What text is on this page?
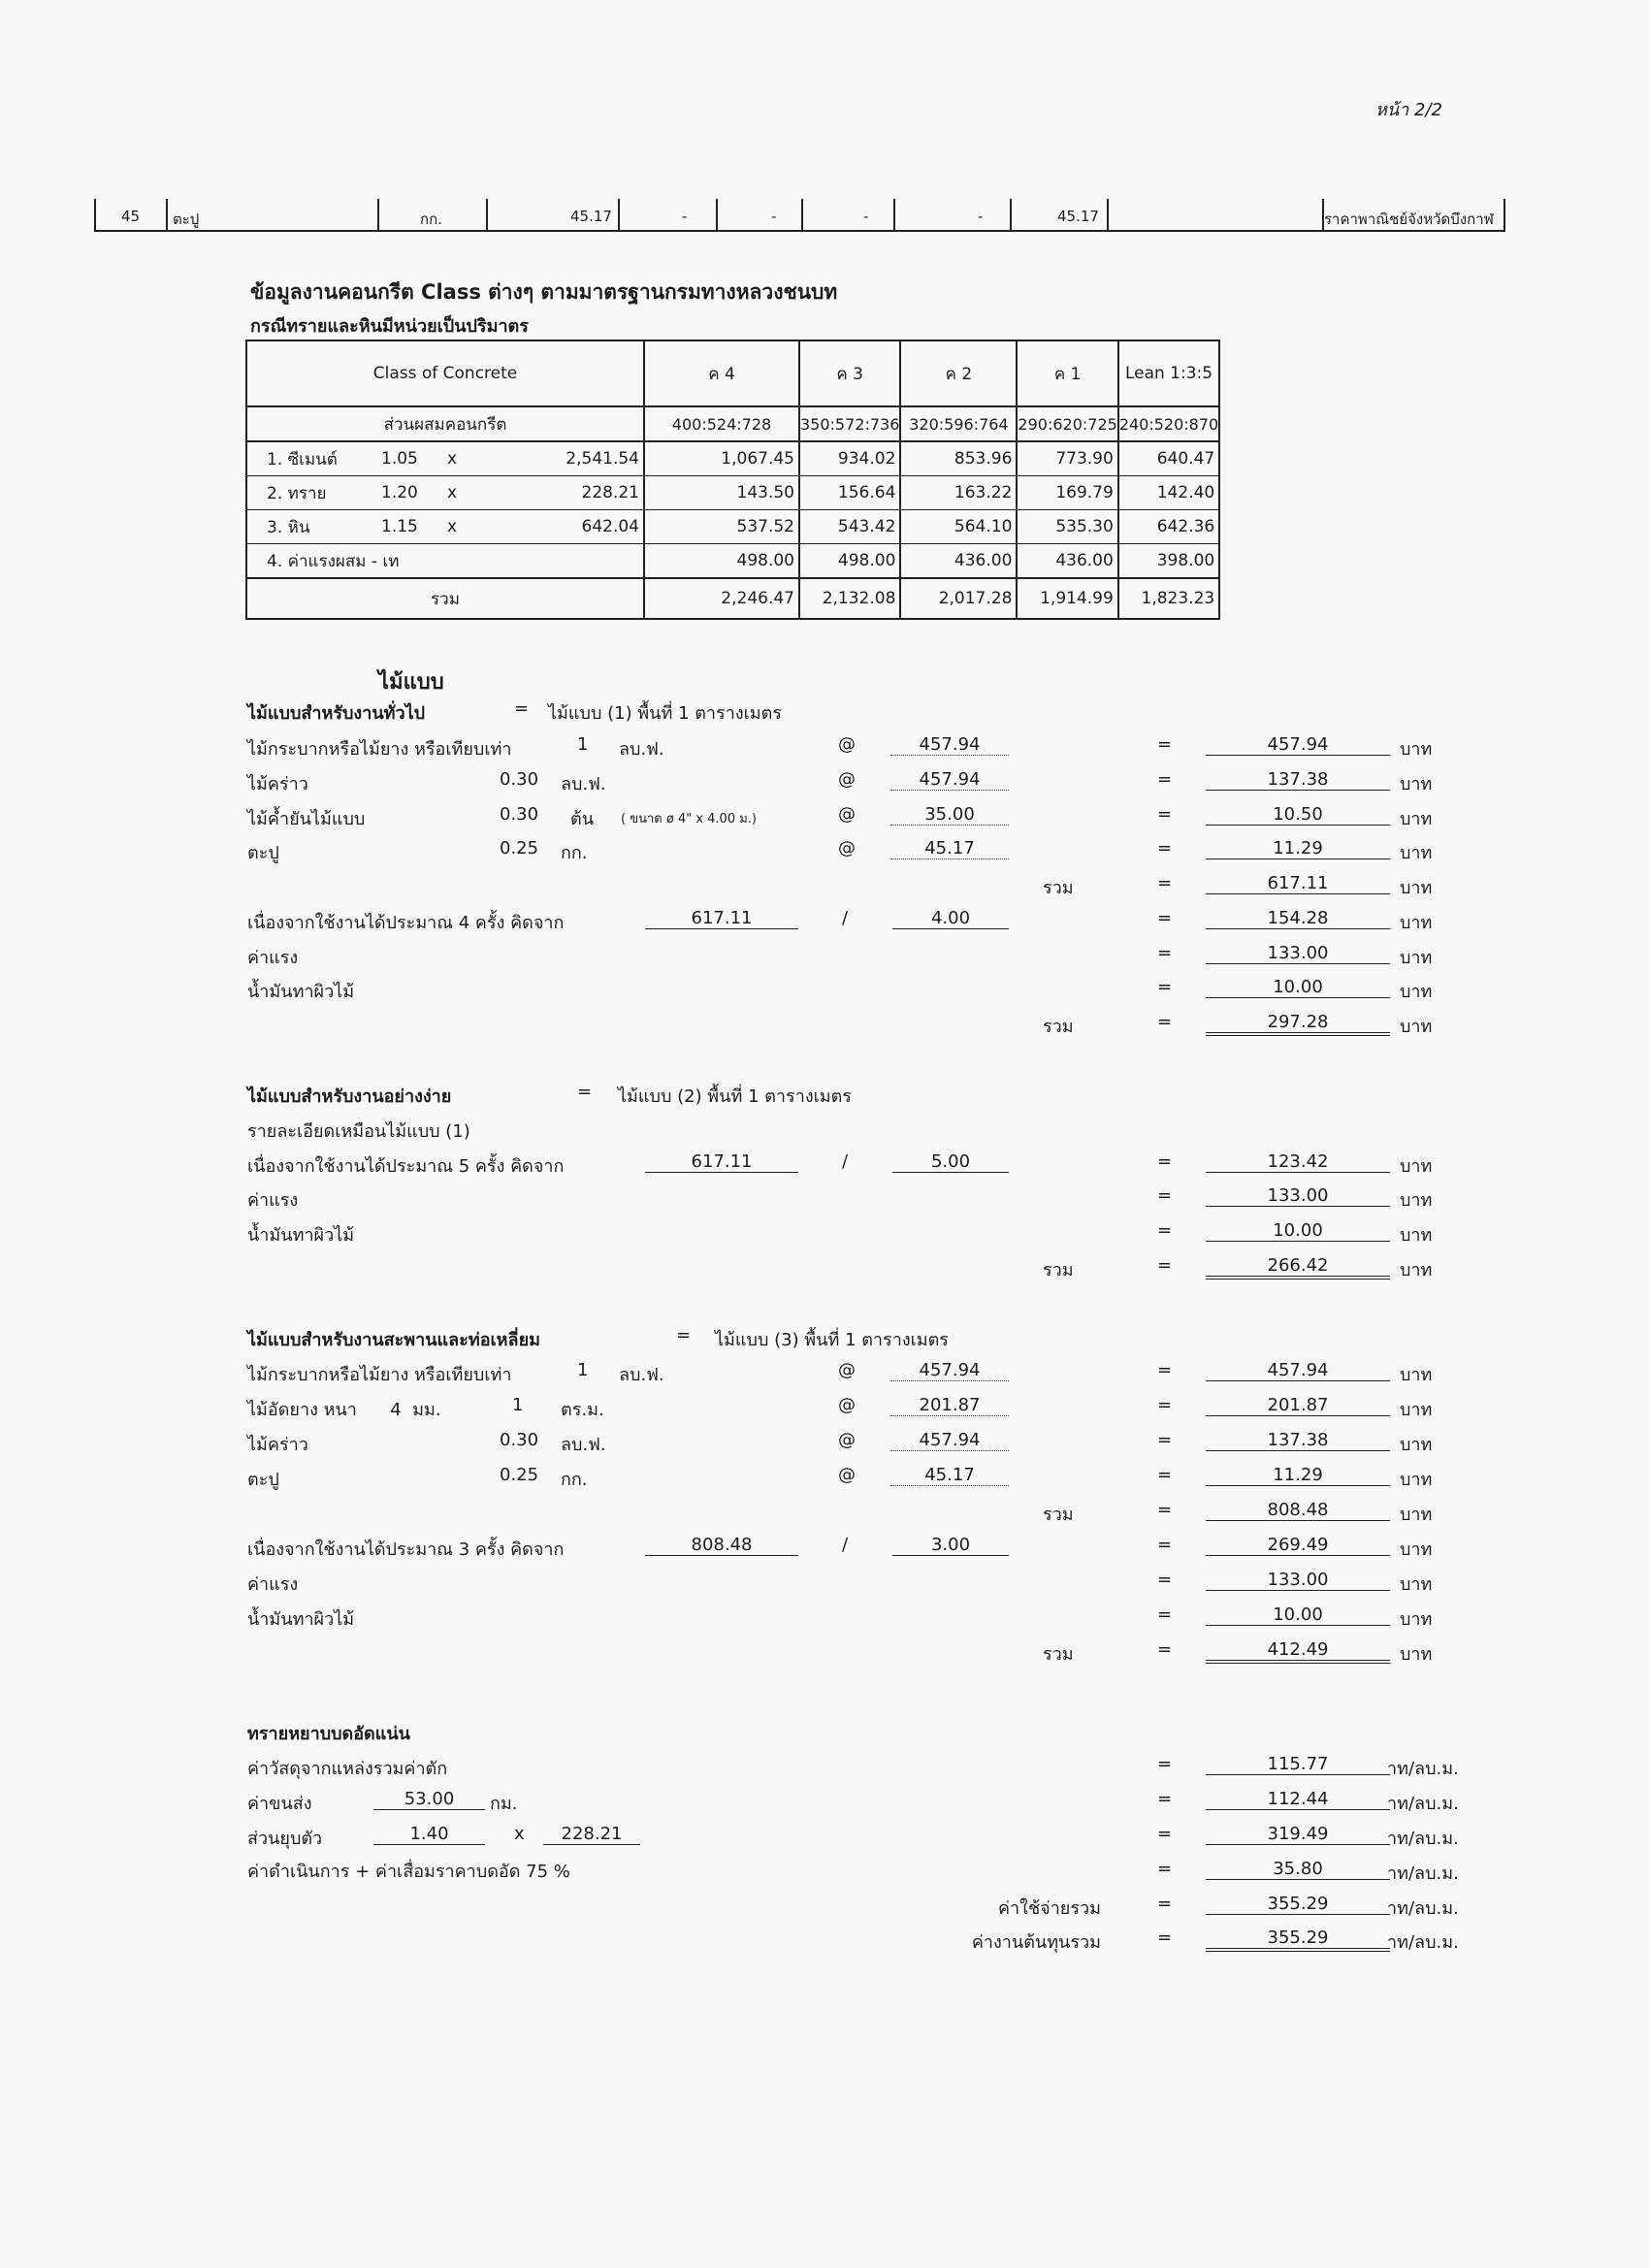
หน้า 2/2
45 ตะปู	กก.	45.17	-	-	-	-	45.17	ราคาพาณิชย์จังหวัดบึงกาฬ
ข้อมูลงานคอนกรีต Class ต่างๆ ตามมาตรฐานกรมทางหลวงชนบท
กรณีทรายและหินมีหน่วยเป็นปริมาตร
Class of Concrete				ค 4	ค 3	ค 2	ค 1	Lean 1:3:5
ส่วนผสมคอนกรีต				400:524:728	350:572:736	320:596:764	290:620:725	240:520:870
1. ซีเมนต์	1.05	x	2,541.54	1,067.45	934.02	853.96	773.90	640.47
2. ทราย	1.20	x	228.21	143.50	156.64	163.22	169.79	142.40
3. หิน	1.15	x	642.04	537.52	543.42	564.10	535.30	642.36
4. ค่าแรงผสม - เท				498.00	498.00	436.00	436.00	398.00
รวม				2,246.47	2,132.08	2,017.28	1,914.99	1,823.23
ไม้แบบ
ไม้แบบสำหรับงานทั่วไป	= ไม้แบบ (1) พื้นที่ 1 ตารางเมตร
ไม้กระบากหรือไม้ยาง หรือเทียบเท่า	1 ลบ.ฟ.	@	457.94	=	457.94	บาท
ไม้คร่าว	0.30 ลบ.ฟ.	@	457.94	=	137.38	บาท
ไม้ค้ำยันไม้แบบ	0.30 ต้น ( ขนาด ø 4" x 4.00 ม.)	@	35.00	=	10.50	บาท
ตะปู	0.25 กก.	@	45.17	=	11.29	บาท
รวม	=	617.11	บาท
เนื่องจากใช้งานได้ประมาณ 4 ครั้ง คิดจาก	617.11	/	4.00	=	154.28	บาท
ค่าแรง	=	133.00	บาท
น้ำมันทาผิวไม้	=	10.00	บาท
รวม	=	297.28	บาท
ไม้แบบสำหรับงานอย่างง่าย	= ไม้แบบ (2) พื้นที่ 1 ตารางเมตร
รายละเอียดเหมือนไม้แบบ (1)
เนื่องจากใช้งานได้ประมาณ 5 ครั้ง คิดจาก	617.11	/	5.00	=	123.42	บาท
ค่าแรง	=	133.00	บาท
น้ำมันทาผิวไม้	=	10.00	บาท
รวม	=	266.42	บาท
ไม้แบบสำหรับงานสะพานและท่อเหลี่ยม	= ไม้แบบ (3) พื้นที่ 1 ตารางเมตร
ไม้กระบากหรือไม้ยาง หรือเทียบเท่า	1 ลบ.ฟ.	@	457.94	=	457.94	บาท
ไม้อัดยาง หนา      4  มม.	1 ตร.ม.	@	201.87	=	201.87	บาท
ไม้คร่าว	0.30 ลบ.ฟ.	@	457.94	=	137.38	บาท
ตะปู	0.25 กก.	@	45.17	=	11.29	บาท
รวม	=	808.48	บาท
เนื่องจากใช้งานได้ประมาณ 3 ครั้ง คิดจาก	808.48	/	3.00	=	269.49	บาท
ค่าแรง	=	133.00	บาท
น้ำมันทาผิวไม้	=	10.00	บาท
รวม	=	412.49	บาท
ทรายหยาบบดอัดแน่น
ค่าวัสดุจากแหล่งรวมค่าตัก	=	115.77	าท/ลบ.ม.
ค่าขนส่ง	53.00	กม.	=	112.44	าท/ลบ.ม.
ส่วนยุบตัว	1.40	x	228.21	=	319.49	าท/ลบ.ม.
ค่าดำเนินการ + ค่าเสื่อมราคาบดอัด 75 %	=	35.80	าท/ลบ.ม.
ค่าใช้จ่ายรวม	=	355.29	าท/ลบ.ม.
ค่างานต้นทุนรวม	=	355.29	าท/ลบ.ม.
